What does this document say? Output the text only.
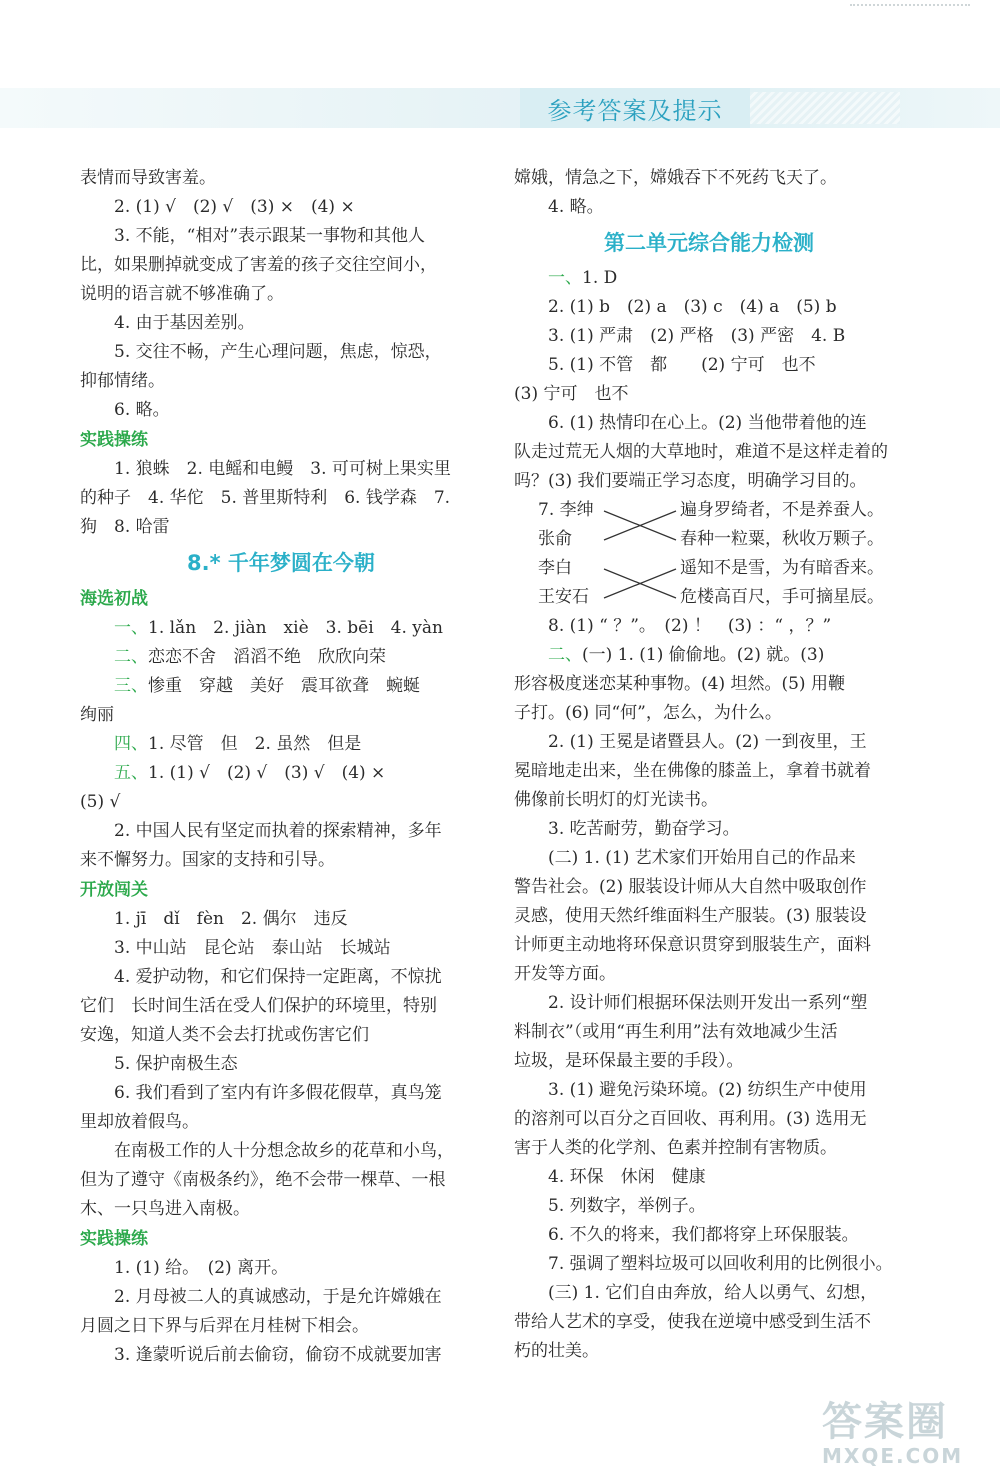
参考答案及提示
表情而导致害羞。
2. (1) √　(2) √　(3) ×　(4) ×
3. 不能，“相对”表示跟某一事物和其他人
比，如果删掉就变成了害羞的孩子交往空间小，
说明的语言就不够准确了。
4. 由于基因差别。
5. 交往不畅，产生心理问题，焦虑，惊恐，
抑郁情绪。
6. 略。
实践操练
1. 狼蛛　2. 电鳐和电鳗　3. 可可树上果实里
的种子　4. 华佗　5. 普里斯特利　6. 钱学森　7.
狗　8. 哈雷
8.* 千年梦圆在今朝
海选初战
一、1. lǎn　2. jiàn　xiè　3. bēi　4. yàn
二、恋恋不舍　滔滔不绝　欣欣向荣
三、惨重　穿越　美好　震耳欲聋　蜿蜒
绚丽
四、1. 尽管　但　2. 虽然　但是
五、1. (1) √　(2) √　(3) √　(4) ×
(5) √
2. 中国人民有坚定而执着的探索精神，多年
来不懈努力。国家的支持和引导。
开放闯关
1. jī　dǐ　fèn　2. 偶尔　违反
3. 中山站　昆仑站　泰山站　长城站
4. 爱护动物，和它们保持一定距离，不惊扰
它们　长时间生活在受人们保护的环境里，特别
安逸，知道人类不会去打扰或伤害它们
5. 保护南极生态
6. 我们看到了室内有许多假花假草，真鸟笼
里却放着假鸟。
在南极工作的人十分想念故乡的花草和小鸟，
但为了遵守《南极条约》，绝不会带一棵草、一根
木、一只鸟进入南极。
实践操练
1. (1) 给。　(2) 离开。
2. 月母被二人的真诚感动，于是允许嫦娥在
月圆之日下界与后羿在月桂树下相会。
3. 逢蒙听说后前去偷窃，偷窃不成就要加害
嫦娥，情急之下，嫦娥吞下不死药飞天了。
4. 略。
第二单元综合能力检测
一、1. D
2. (1) b　(2) a　(3) c　(4) a　(5) b
3. (1) 严肃　(2) 严格　(3) 严密　4. B
5. (1) 不管　都　　(2) 宁可　也不
(3) 宁可　也不
6. (1) 热情印在心上。(2) 当他带着他的连
队走过荒无人烟的大草地时，难道不是这样走着的
吗？(3) 我们要端正学习态度，明确学习目的。
7. 李绅
张俞
李白
王安石
遍身罗绮者，不是养蚕人。
春种一粒粟，秋收万颗子。
遥知不是雪，为有暗香来。
危楼高百尺，手可摘星辰。
8. (1) “ ？”。　(2) ！　(3) ：“ ，？”
二、(一) 1. (1) 偷偷地。(2) 就。(3)
形容极度迷恋某种事物。(4) 坦然。(5) 用鞭
子打。(6) 同“何”，怎么，为什么。
2. (1) 王冕是诸暨县人。(2) 一到夜里，王
冕暗地走出来，坐在佛像的膝盖上，拿着书就着
佛像前长明灯的灯光读书。
3. 吃苦耐劳，勤奋学习。
(二) 1. (1) 艺术家们开始用自己的作品来
警告社会。(2) 服装设计师从大自然中吸取创作
灵感，使用天然纤维面料生产服装。(3) 服装设
计师更主动地将环保意识贯穿到服装生产，面料
开发等方面。
2. 设计师们根据环保法则开发出一系列“塑
料制衣”（或用“再生利用”法有效地减少生活
垃圾，是环保最主要的手段）。
3. (1) 避免污染环境。(2) 纺织生产中使用
的溶剂可以百分之百回收、再利用。(3) 选用无
害于人类的化学剂、色素并控制有害物质。
4. 环保　休闲　健康
5. 列数字，举例子。
6. 不久的将来，我们都将穿上环保服装。
7. 强调了塑料垃圾可以回收利用的比例很小。
(三) 1. 它们自由奔放，给人以勇气、幻想，
带给人艺术的享受，使我在逆境中感受到生活不
朽的壮美。
答案圈
MXQE.COM
